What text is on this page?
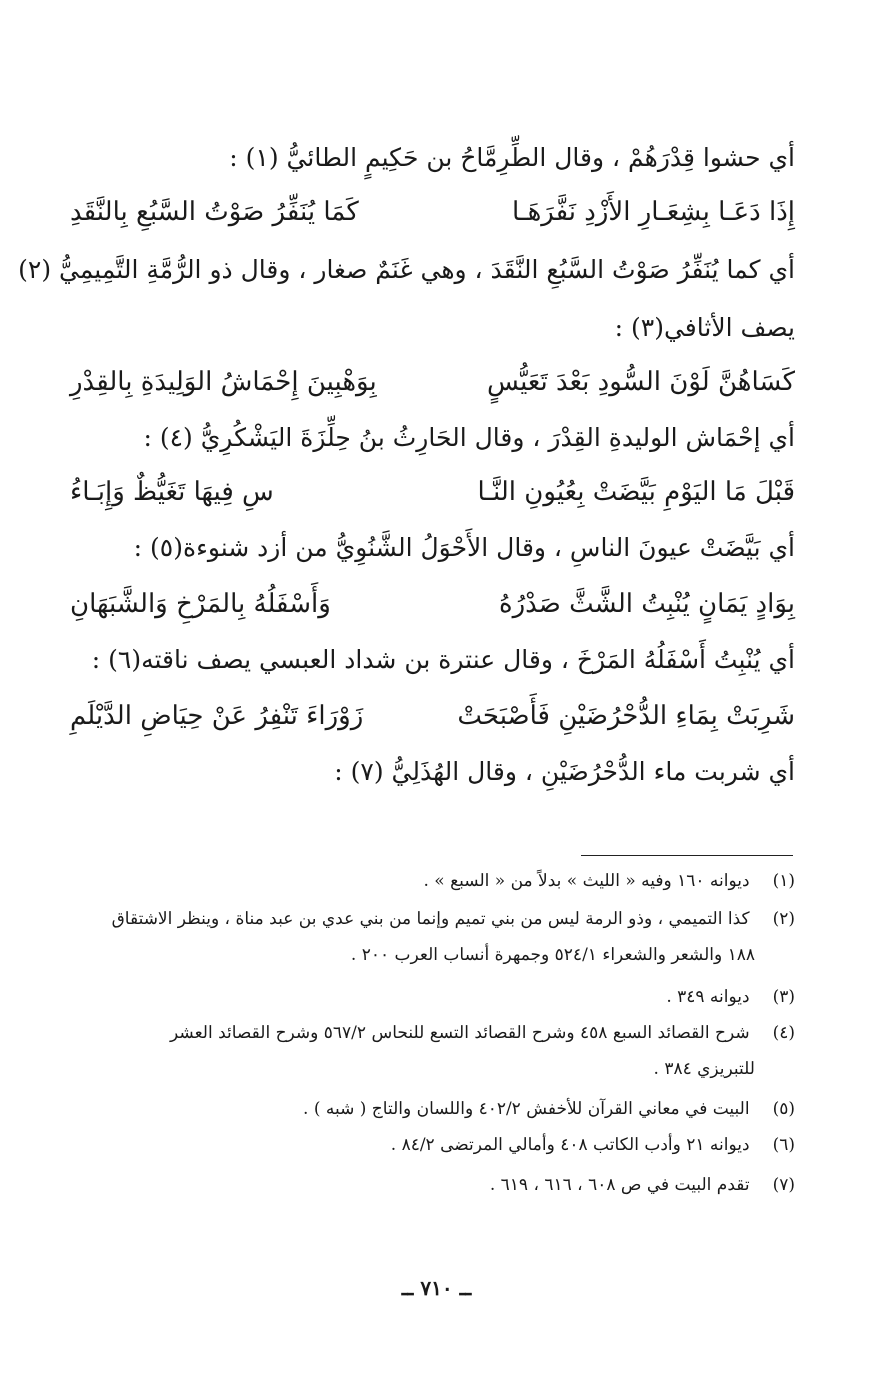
أي حشوا قِدْرَهُمْ ، وقال الطِّرِمَّاحُ بن حَكِيمٍ الطائيُّ (١) :
إِذَا دَعَـا بِشِعَـارِ الأَزْدِ نَفَّرَهَـا
كَمَا يُنَفِّرُ صَوْتُ السَّبُعِ بِالنَّقَدِ
أي كما يُنَفِّرُ صَوْتُ السَّبُعِ النَّقَدَ ، وهي غَنَمٌ صغار ، وقال ذو الرُّمَّةِ التَّمِيمِيُّ (٢)
يصف الأثافي(٣) :
كَسَاهُنَّ لَوْنَ السُّودِ بَعْدَ تَعَيُّسٍ
بِوَهْبِينَ إِحْمَاشُ الوَلِيدَةِ بِالقِدْرِ
أي إحْمَاش الوليدةِ القِدْرَ ، وقال الحَارِثُ بنُ حِلِّزَةَ اليَشْكُرِيُّ (٤) :
قَبْلَ مَا اليَوْمِ بَيَّضَتْ بِعُيُونِ النَّـا
سِ فِيهَا تَغَيُّظٌ وَإِبَـاءُ
أي بَيَّضَتْ عيونَ الناسِ ، وقال الأَحْوَلُ الشَّنُوِيُّ من أزد شنوءة(٥) :
بِوَادٍ يَمَانٍ يُنْبِتُ الشَّثَّ صَدْرُهُ
وَأَسْفَلُهُ بِالمَرْخِ وَالشَّبَهَانِ
أي يُنْبِتُ أَسْفَلُهُ المَرْخَ ، وقال عنترة بن شداد العبسي يصف ناقته(٦) :
شَرِبَتْ بِمَاءِ الدُّحْرُضَيْنِ فَأَصْبَحَتْ
زَوْرَاءَ تَنْفِرُ عَنْ حِيَاضِ الدَّيْلَمِ
أي شربت ماء الدُّحْرُضَيْنِ ، وقال الهُذَلِيُّ (٧) :
(١) ديوانه ١٦٠ وفيه « الليث » بدلاً من « السبع » .
(٢) كذا التميمي ، وذو الرمة ليس من بني تميم وإنما من بني عدي بن عبد مناة ، وينظر الاشتقاق
١٨٨ والشعر والشعراء ٥٢٤/١ وجمهرة أنساب العرب ٢٠٠ .
(٣) ديوانه ٣٤٩ .
(٤) شرح القصائد السبع ٤٥٨ وشرح القصائد التسع للنحاس ٥٦٧/٢ وشرح القصائد العشر
للتبريزي ٣٨٤ .
(٥) البيت في معاني القرآن للأخفش ٤٠٢/٢ واللسان والتاج ( شبه ) .
(٦) ديوانه ٢١ وأدب الكاتب ٤٠٨ وأمالي المرتضى ٨٤/٢ .
(٧) تقدم البيت في ص ٦٠٨ ، ٦١٦ ، ٦١٩ .
ــ ٧١٠ ــ
